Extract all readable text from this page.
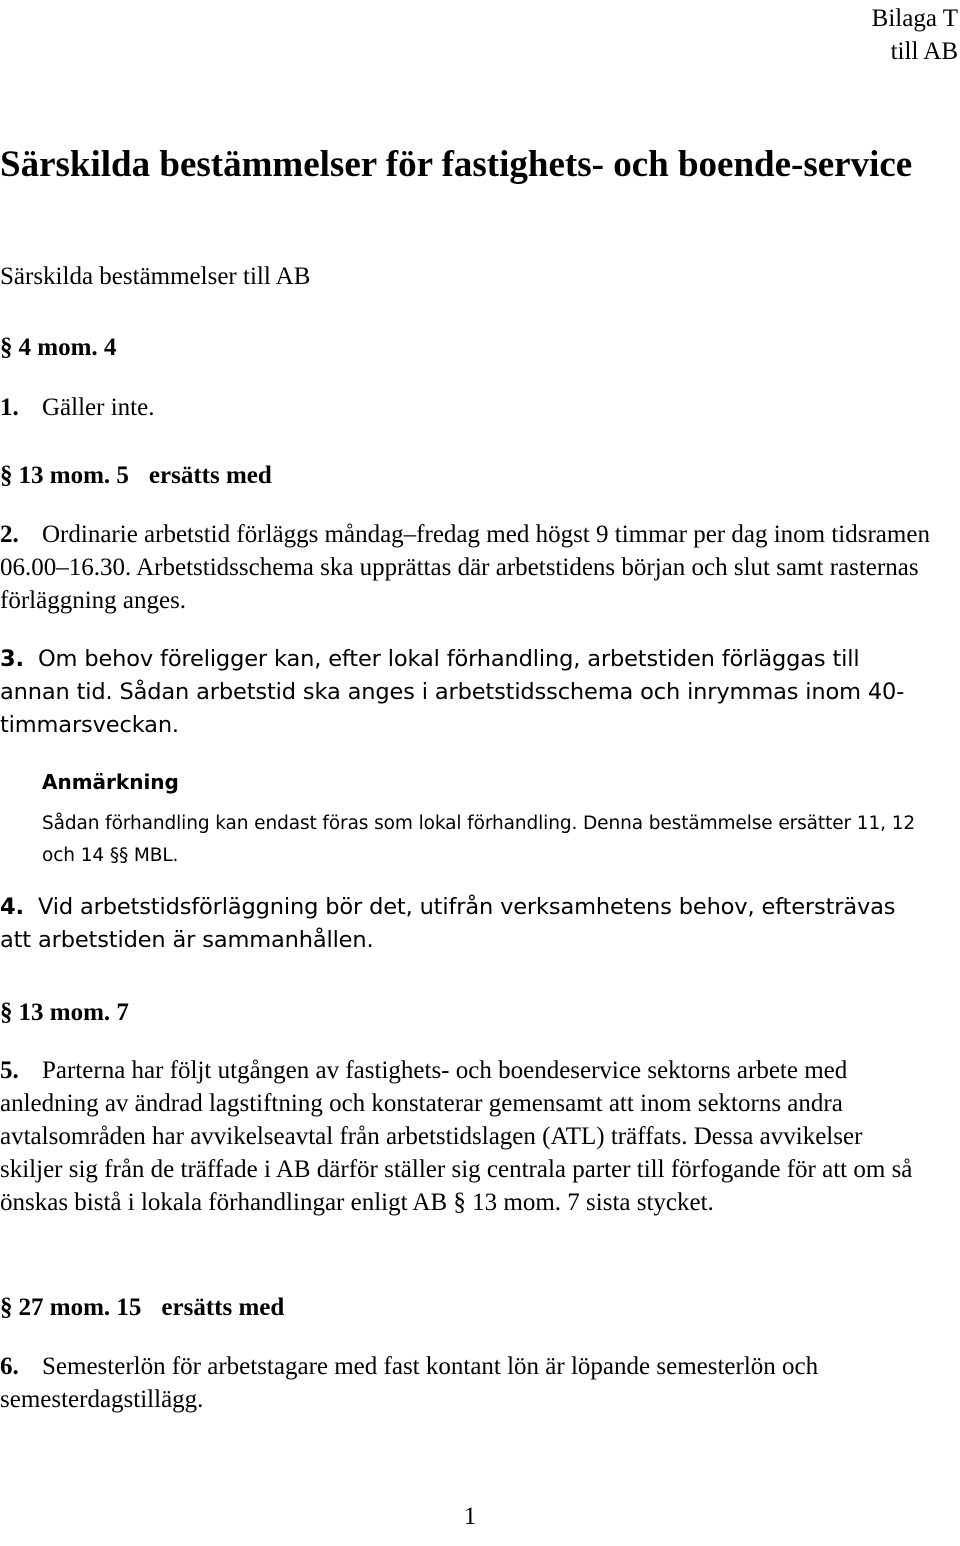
Bilaga T
till AB
Särskilda bestämmelser för fastighets- och boende-service
Särskilda bestämmelser till AB
§ 4 mom. 4
1. Gäller inte.
§ 13 mom. 5 ersätts med
2. Ordinarie arbetstid förläggs måndag–fredag med högst 9 timmar per dag inom tidsramen 06.00–16.30. Arbetstidsschema ska upprättas där arbetstidens början och slut samt rasternas förläggning anges.
3. Om behov föreligger kan, efter lokal förhandling, arbetstiden förläggas till annan tid. Sådan arbetstid ska anges i arbetstidsschema och inrymmas inom 40-timmarsveckan.
Anmärkning
Sådan förhandling kan endast föras som lokal förhandling. Denna bestämmelse ersätter 11, 12 och 14 §§ MBL.
4. Vid arbetstidsförläggning bör det, utifrån verksamhetens behov, eftersträvas att arbetstiden är sammanhållen.
§ 13 mom. 7
5. Parterna har följt utgången av fastighets- och boendeservice sektorns arbete med anledning av ändrad lagstiftning och konstaterar gemensamt att inom sektorns andra avtalsområden har avvikelseavtal från arbetstidslagen (ATL) träffats. Dessa avvikelser skiljer sig från de träffade i AB därför ställer sig centrala parter till förfogande för att om så önskas bistå i lokala förhandlingar enligt AB § 13 mom. 7 sista stycket.
§ 27 mom. 15 ersätts med
6. Semesterlön för arbetstagare med fast kontant lön är löpande semesterlön och semesterdagstillägg.
1
